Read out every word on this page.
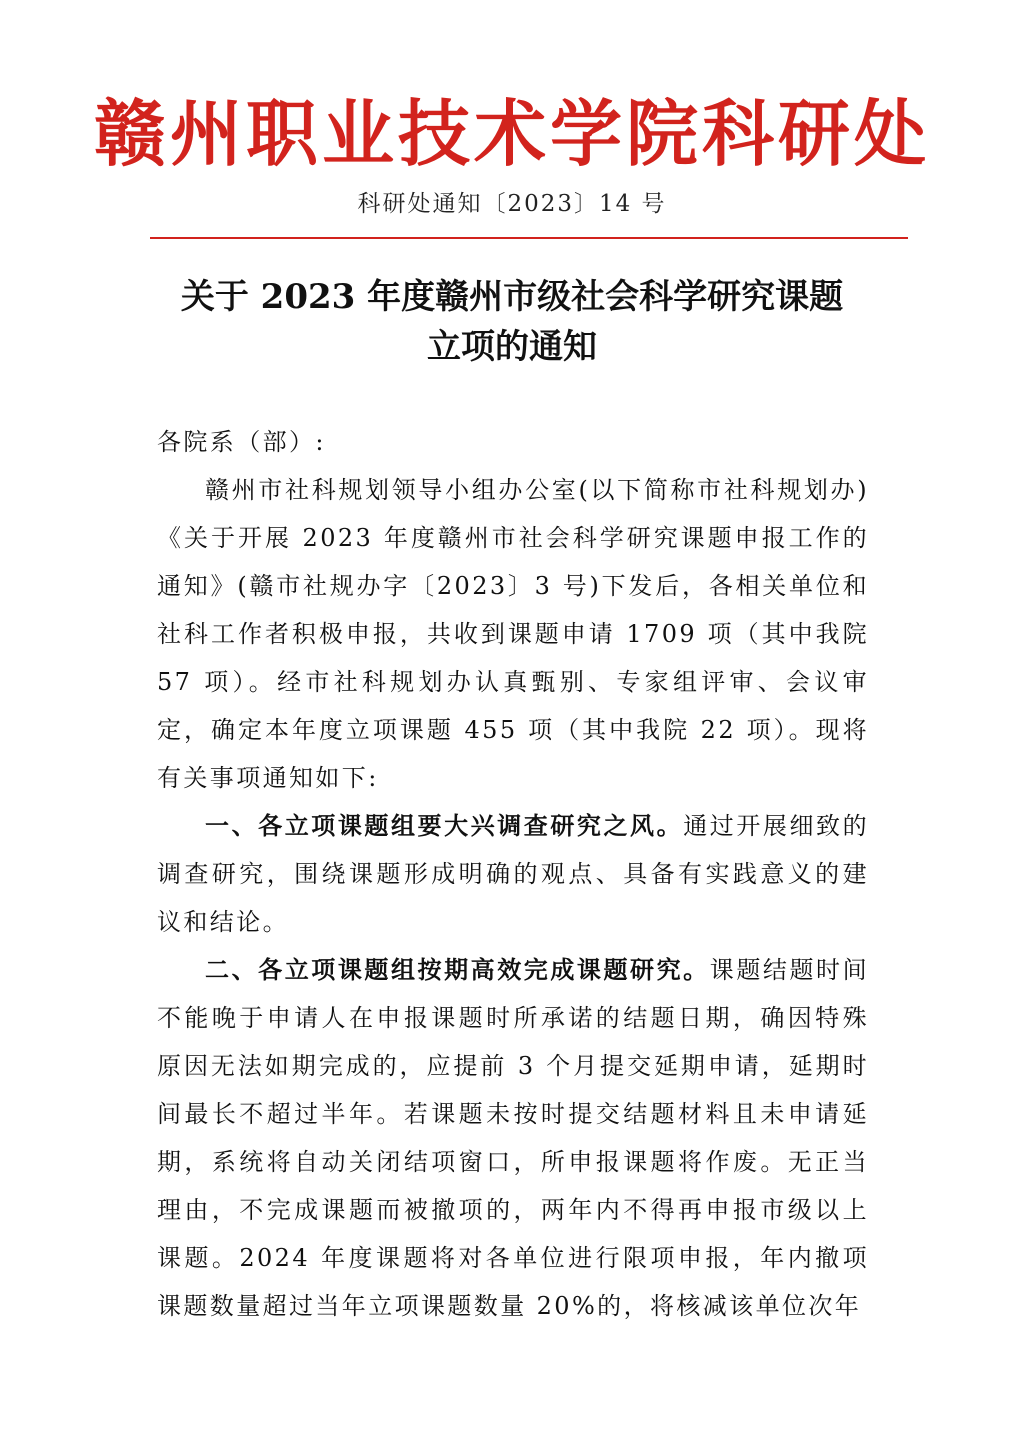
赣州职业技术学院科研处
科研处通知〔2023〕14 号
关于 2023 年度赣州市级社会科学研究课题
立项的通知

各院系（部）:

赣州市社科规划领导小组办公室(以下简称市社科规划办)《关于开展 2023 年度赣州市社会科学研究课题申报工作的通知》(赣市社规办字〔2023〕3 号)下发后，各相关单位和社科工作者积极申报，共收到课题申请 1709 项（其中我院 57 项）。经市社科规划办认真甄别、专家组评审、会议审定，确定本年度立项课题 455 项（其中我院 22 项）。现将有关事项通知如下:

一、各立项课题组要大兴调查研究之风。通过开展细致的调查研究，围绕课题形成明确的观点、具备有实践意义的建议和结论。

二、各立项课题组按期高效完成课题研究。课题结题时间不能晚于申请人在申报课题时所承诺的结题日期，确因特殊原因无法如期完成的，应提前 3 个月提交延期申请，延期时间最长不超过半年。若课题未按时提交结题材料且未申请延期，系统将自动关闭结项窗口，所申报课题将作废。无正当理由，不完成课题而被撤项的，两年内不得再申报市级以上课题。2024 年度课题将对各单位进行限项申报，年内撤项课题数量超过当年立项课题数量 20%的，将核减该单位次年
